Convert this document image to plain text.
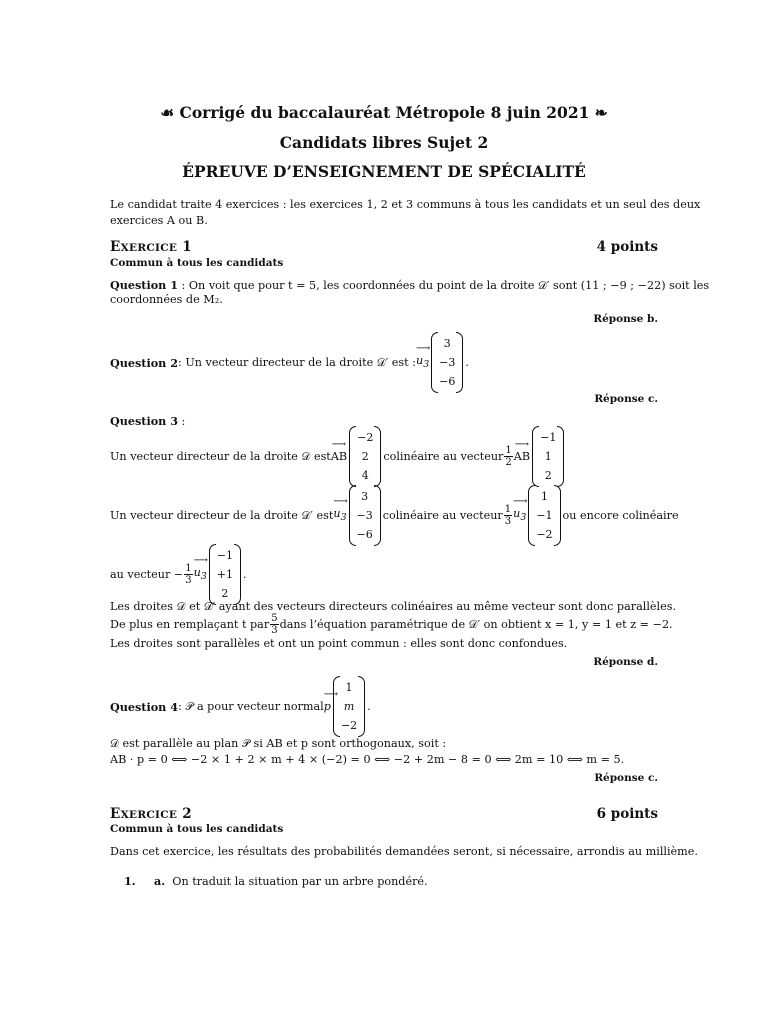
☙ Corrigé du baccalauréat Métropole 8 juin 2021 ❧
Candidats libres Sujet 2
ÉPREUVE D’ENSEIGNEMENT DE SPÉCIALITÉ
Le candidat traite 4 exercices : les exercices 1, 2 et 3 communs à tous les candidats et un seul des deux
exercices A ou B.
EXERCICE 1	4 points
Commun à tous les candidats
Question 1 : On voit que pour t = 5, les coordonnées du point de la droite 𝒟′ sont (11 ; −9 ; −22) soit les
coordonnées de M₂.
Réponse b.
Question 2 : Un vecteur directeur de la droite 𝒟′ est : ⟶ $u_3$
3
−3
−6
.
Réponse c.
Question 3 :
Un vecteur directeur de la droite 𝒟 est ⟶ AB
−2
2
4
colinéaire au vecteur $\frac{1}{2}$ ⟶ AB
−1
1
2
Un vecteur directeur de la droite 𝒟′ est ⟶ $u_3$
3
−3
−6
colinéaire au vecteur $\frac{1}{3}$ ⟶ $u_3$
1
−1
−2
ou encore colinéaire
au vecteur − $\frac{1}{3}$ ⟶ $u_3$
−1
+1
2
.
Les droites 𝒟 et 𝒟′ ayant des vecteurs directeurs colinéaires au même vecteur sont donc parallèles.
De plus en remplaçant t par $\frac{5}{3}$ dans l’équation paramétrique de 𝒟′ on obtient x = 1, y = 1 et z = −2.
Les droites sont parallèles et ont un point commun : elles sont donc confondues.
Réponse d.
Question 4 : 𝒫 a pour vecteur normal ⟶ p
1
m
−2
.
𝒟 est parallèle au plan 𝒫 si AB et p sont orthogonaux, soit :
AB · p = 0 ⟺ −2 × 1 + 2 × m + 4 × (−2) = 0 ⟺ −2 + 2m − 8 = 0 ⟺ 2m = 10 ⟺ m = 5.
Réponse c.
EXERCICE 2	6 points
Commun à tous les candidats
Dans cet exercice, les résultats des probabilités demandées seront, si nécessaire, arrondis au millième.
1. a. On traduit la situation par un arbre pondéré.
